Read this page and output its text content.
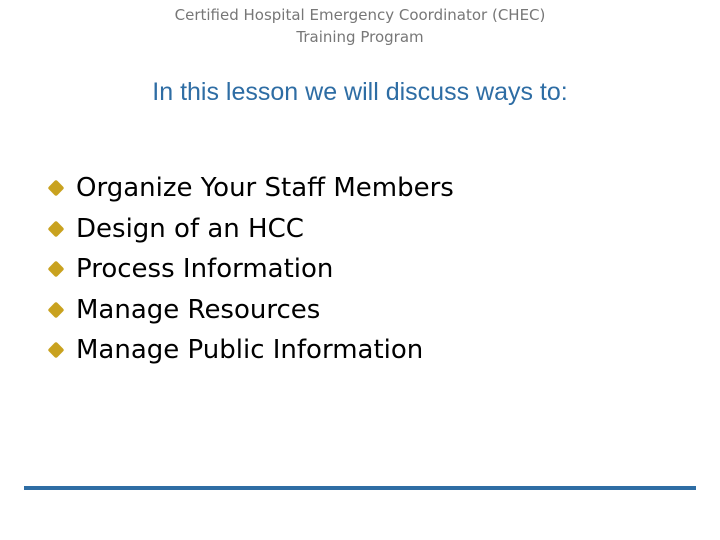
Certified Hospital Emergency Coordinator (CHEC)
Training Program
In this lesson we will discuss ways to:
Organize Your Staff Members
Design of an HCC
Process Information
Manage Resources
Manage Public Information
